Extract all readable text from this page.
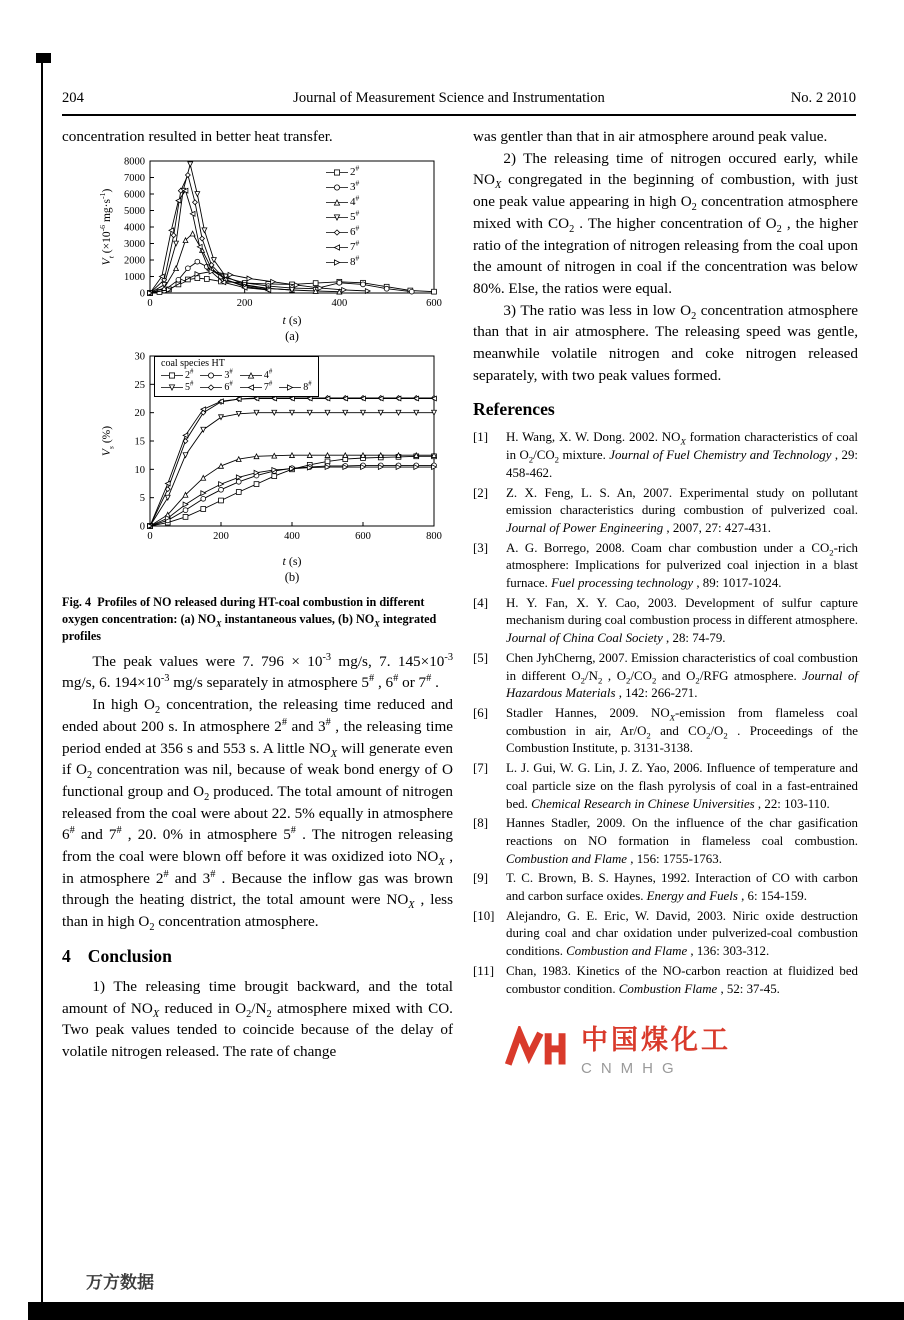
204	Journal of Measurement Science and Instrumentation	No. 2 2010

concentration resulted in better heat transfer.

$V_t$ ($\times 10^{-6}$ $mg\cdot s^{-1}$)
0
1000
2000
3000
4000
5000
6000
7000
8000
0	200	400	600
2#
3#
4#
5#
6#
7#
8#
t (s)
(a)
$V_s$ (%)
0
5
10
15
20
25
30
0	200	400	600	800
coal species HT
2#	3#	4#
5#	6#	7#	8#
t (s)
(b)
Fig. 4  Profiles of NO released during HT-coal combustion in different oxygen concentration: (a) $NO_X$ instantaneous values, (b) $NO_X$ integrated profiles

The peak values were 7. $796 \times 10^{-3}$ mg/s, 7. $145\times 10^{-3}$ mg/s, 6. $194\times 10^{-3}$ mg/s separately in atmosphere 5# , 6# or 7# .

In high $O_2$ concentration, the releasing time reduced and ended about 200 s. In atmosphere 2# and 3# , the releasing time period ended at 356 s and 553 s. A little $NO_X$ will generate even if $O_2$ concentration was nil, because of weak bond energy of O functional group and $O_2$ produced. The total amount of nitrogen released from the coal were about 22. 5% equally in atmosphere 6# and 7# , 20. 0% in atmosphere 5# . The nitrogen releasing from the coal were blown off before it was oxidized ioto $NO_X$ , in atmosphere 2# and 3# . Because the inflow gas was brown through the heating district, the total amount were $NO_X$ , less than in high $O_2$ concentration atmosphere.

4 Conclusion

1) The releasing time brougit backward, and the total amount of $NO_X$ reduced in $O_2/N_2$ atmosphere mixed with CO. Two peak values tended to coincide because of the delay of volatile nitrogen released. The rate of change

was gentler than that in air atmosphere around peak value.

2) The releasing time of nitrogen occured early, while $NO_X$ congregated in the beginning of combustion, with just one peak value appearing in high $O_2$ concentration atmosphere mixed with $CO_2$ . The higher concentration of $O_2$ , the higher ratio of the integration of nitrogen releasing from the coal upon the amount of nitrogen in coal if the concentration was below 80%. Else, the ratios were equal.

3) The ratio was less in low $O_2$ concentration atmosphere than that in air atmosphere. The releasing speed was gentle, meanwhile volatile nitrogen and coke nitrogen released separately, with two peak values formed.

References
[1]	H. Wang, X. W. Dong. 2002. $NO_X$ formation characteristics of coal in $O_2/CO_2$ mixture. Journal of Fuel Chemistry and Technology , 29: 458-462.
[2]	Z. X. Feng, L. S. An, 2007. Experimental study on pollutant emission characteristics during combustion of pulverized coal. Journal of Power Engineering , 2007, 27: 427-431.
[3]	A. G. Borrego, 2008. Coam char combustion under a $CO_2$-rich atmosphere: Implications for pulverized coal injection in a blast furnace. Fuel processing technology , 89: 1017-1024.
[4]	H. Y. Fan, X. Y. Cao, 2003. Development of sulfur capture mechanism during coal combustion process in different atmosphere. Journal of China Coal Society , 28: 74-79.
[5]	Chen JyhCherng, 2007. Emission characteristics of coal combustion in different $O_2/N_2$ , $O_2/CO_2$ and $O_2$/RFG atmosphere. Journal of Hazardous Materials , 142: 266-271.
[6]	Stadler Hannes, 2009. $NO_X$-emission from flameless coal combustion in air, $Ar/O_2$ and $CO_2/O_2$ . Proceedings of the Combustion Institute, p. 3131-3138.
[7]	L. J. Gui, W. G. Lin, J. Z. Yao, 2006. Influence of temperature and coal particle size on the flash pyrolysis of coal in a fast-entrained bed. Chemical Research in Chinese Universities , 22: 103-110.
[8]	Hannes Stadler, 2009. On the influence of the char gasification reactions on NO formation in flameless coal combustion. Combustion and Flame , 156: 1755-1763.
[9]	T. C. Brown, B. S. Haynes, 1992. Interaction of CO with carbon and carbon surface oxides. Energy and Fuels , 6: 154-159.
[10] Alejandro, G. E. Eric, W. David, 2003. Niric oxide destruction during coal and char oxidation under pulverized-coal combustion conditions. Combustion and Flame , 136: 303-312.
[11] Chan, 1983. Kinetics of the NO-carbon reaction at fluidized bed combustor condition. Combustion Flame , 52: 37-45.
中国煤化工
CNMHG
万方数据
